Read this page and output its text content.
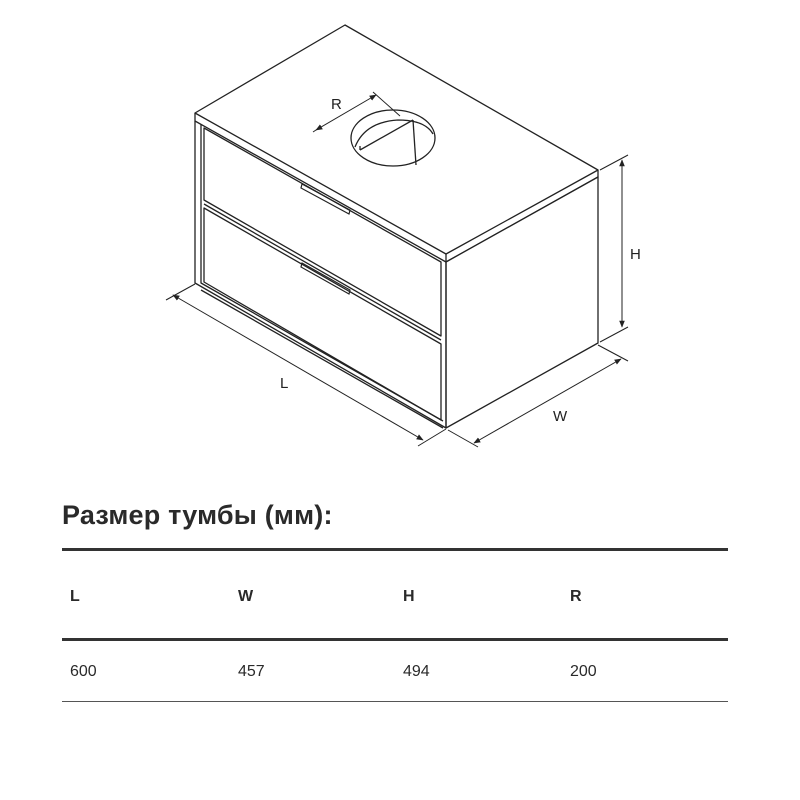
R
H
L
W
Размер тумбы (мм):
L	W	H	R
600	457	494	200
